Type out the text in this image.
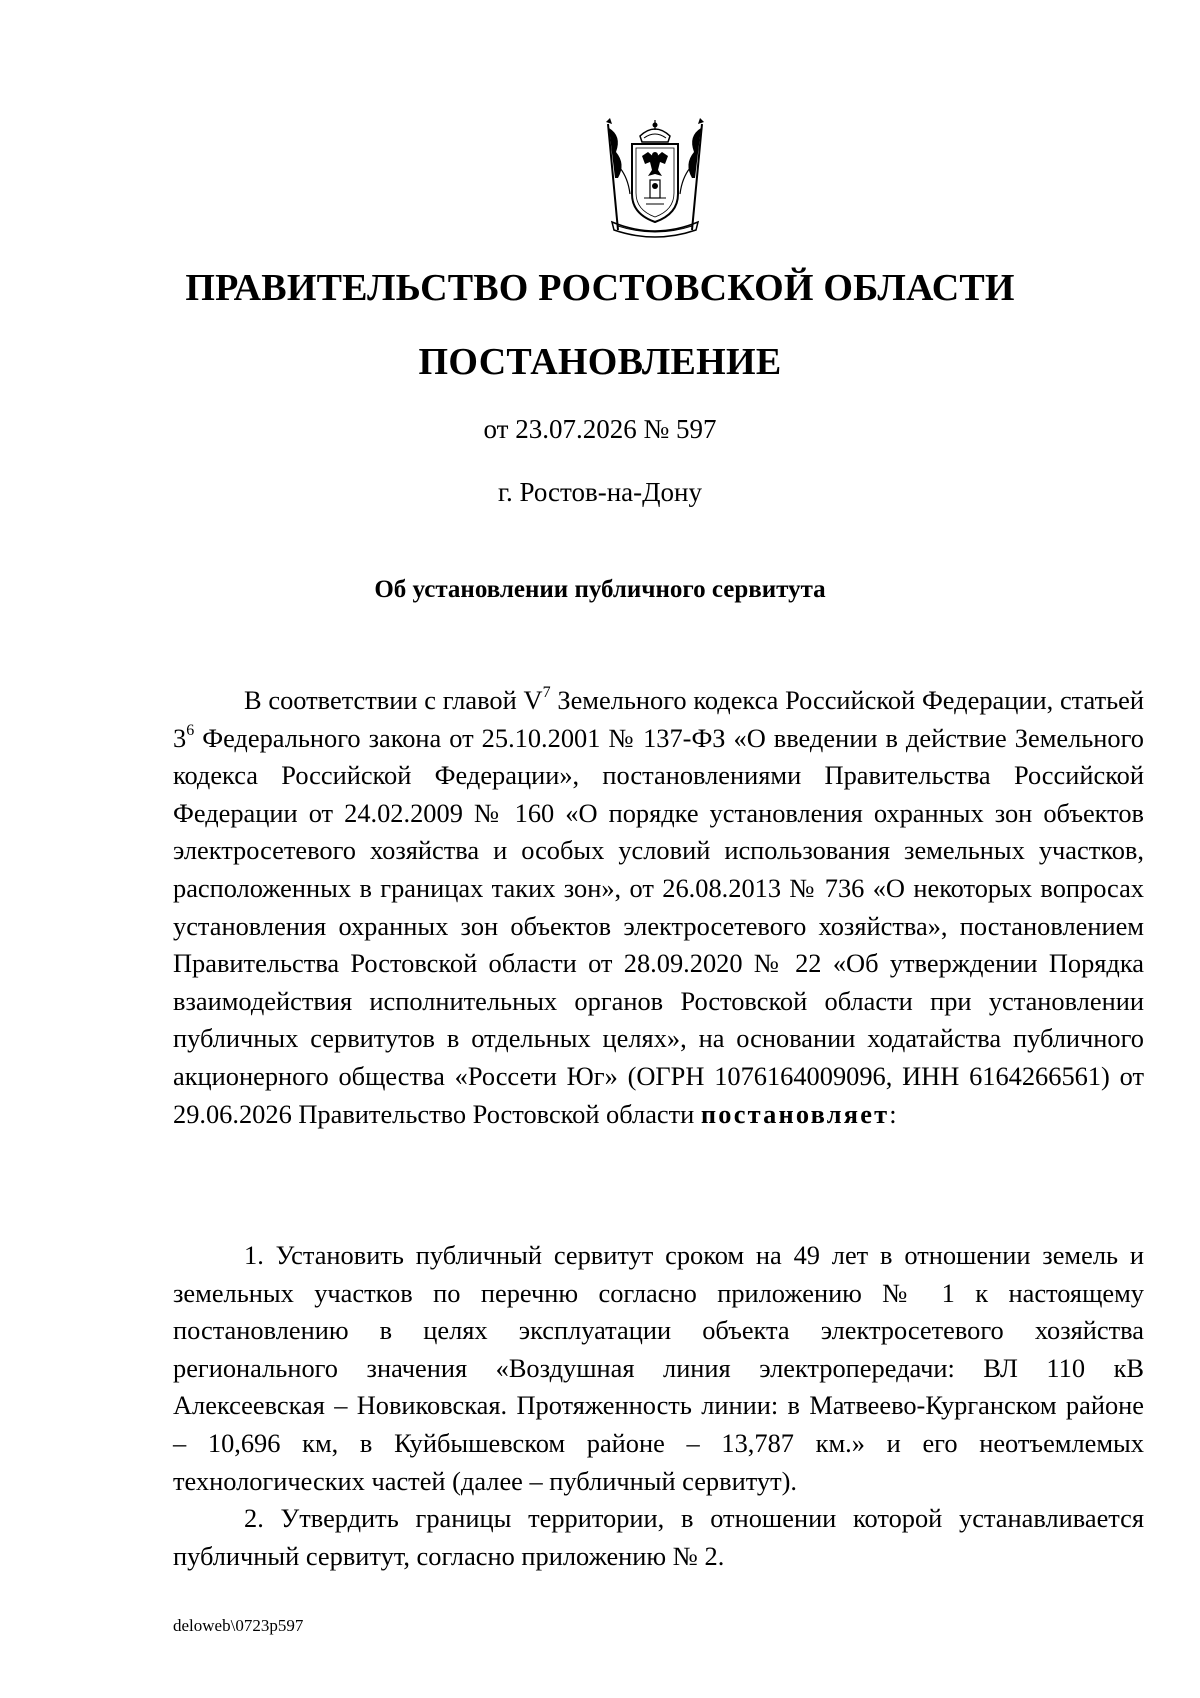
ПРАВИТЕЛЬСТВО РОСТОВСКОЙ ОБЛАСТИ
ПОСТАНОВЛЕНИЕ
от 23.07.2026 № 597
г. Ростов-на-Дону
Об установлении публичного сервитута

В соответствии с главой $V^7$ Земельного кодекса Российской Федерации, статьей $3^6$ Федерального закона от 25.10.2001 № 137-ФЗ «О введении в действие Земельного кодекса Российской Федерации», постановлениями Правительства Российской Федерации от 24.02.2009 № 160 «О порядке установления охранных зон объектов электросетевого хозяйства и особых условий использования земельных участков, расположенных в границах таких зон», от 26.08.2013 № 736 «О некоторых вопросах установления охранных зон объектов электросетевого хозяйства», постановлением Правительства Ростовской области от 28.09.2020 № 22 «Об утверждении Порядка взаимодействия исполнительных органов Ростовской области при установлении публичных сервитутов в отдельных целях», на основании ходатайства публичного акционерного общества «Россети Юг» (ОГРН 1076164009096, ИНН 6164266561) от 29.06.2026 Правительство Ростовской области постановляет:

1. Установить публичный сервитут сроком на 49 лет в отношении земель и земельных участков по перечню согласно приложению № 1 к настоящему постановлению в целях эксплуатации объекта электросетевого хозяйства регионального значения «Воздушная линия электропередачи: ВЛ 110 кВ Алексеевская – Новиковская. Протяженность линии: в Матвеево-Курганском районе – 10,696 км, в Куйбышевском районе – 13,787 км.» и его неотъемлемых технологических частей (далее – публичный сервитут).

2. Утвердить границы территории, в отношении которой устанавливается публичный сервитут, согласно приложению № 2.

deloweb\0723p597
